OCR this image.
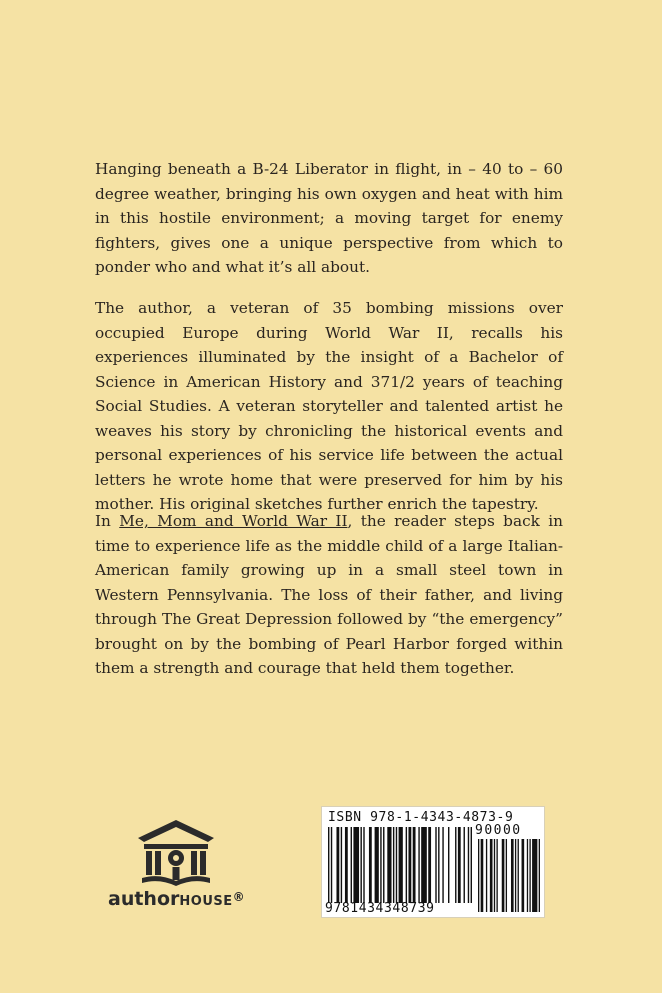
Hanging beneath a B-24 Liberator in flight, in – 40 to – 60 degree weather, bringing his own oxygen and heat with him in this hostile environment; a moving target for enemy fighters, gives one a unique perspective from which to ponder who and what it’s all about.

The author, a veteran of 35 bombing missions over occupied Europe during World War II, recalls his experiences illuminated by the insight of a Bachelor of Science in American History and 371/2 years of teaching Social Studies. A veteran storyteller and talented artist he weaves his story by chronicling the historical events and personal experiences of his service life between the actual letters he wrote home that were preserved for him by his mother. His original sketches further enrich the tapestry.

In Me, Mom and World War II, the reader steps back in time to experience life as the middle child of a large Italian-American family growing up in a small steel town in Western Pennsylvania. The loss of their father, and living through The Great Depression followed by “the emergency” brought on by the bombing of Pearl Harbor forged within them a strength and courage that held them together.

authorHOUSE®
ISBN 978-1-4343-4873-9
90000
9781434348739
